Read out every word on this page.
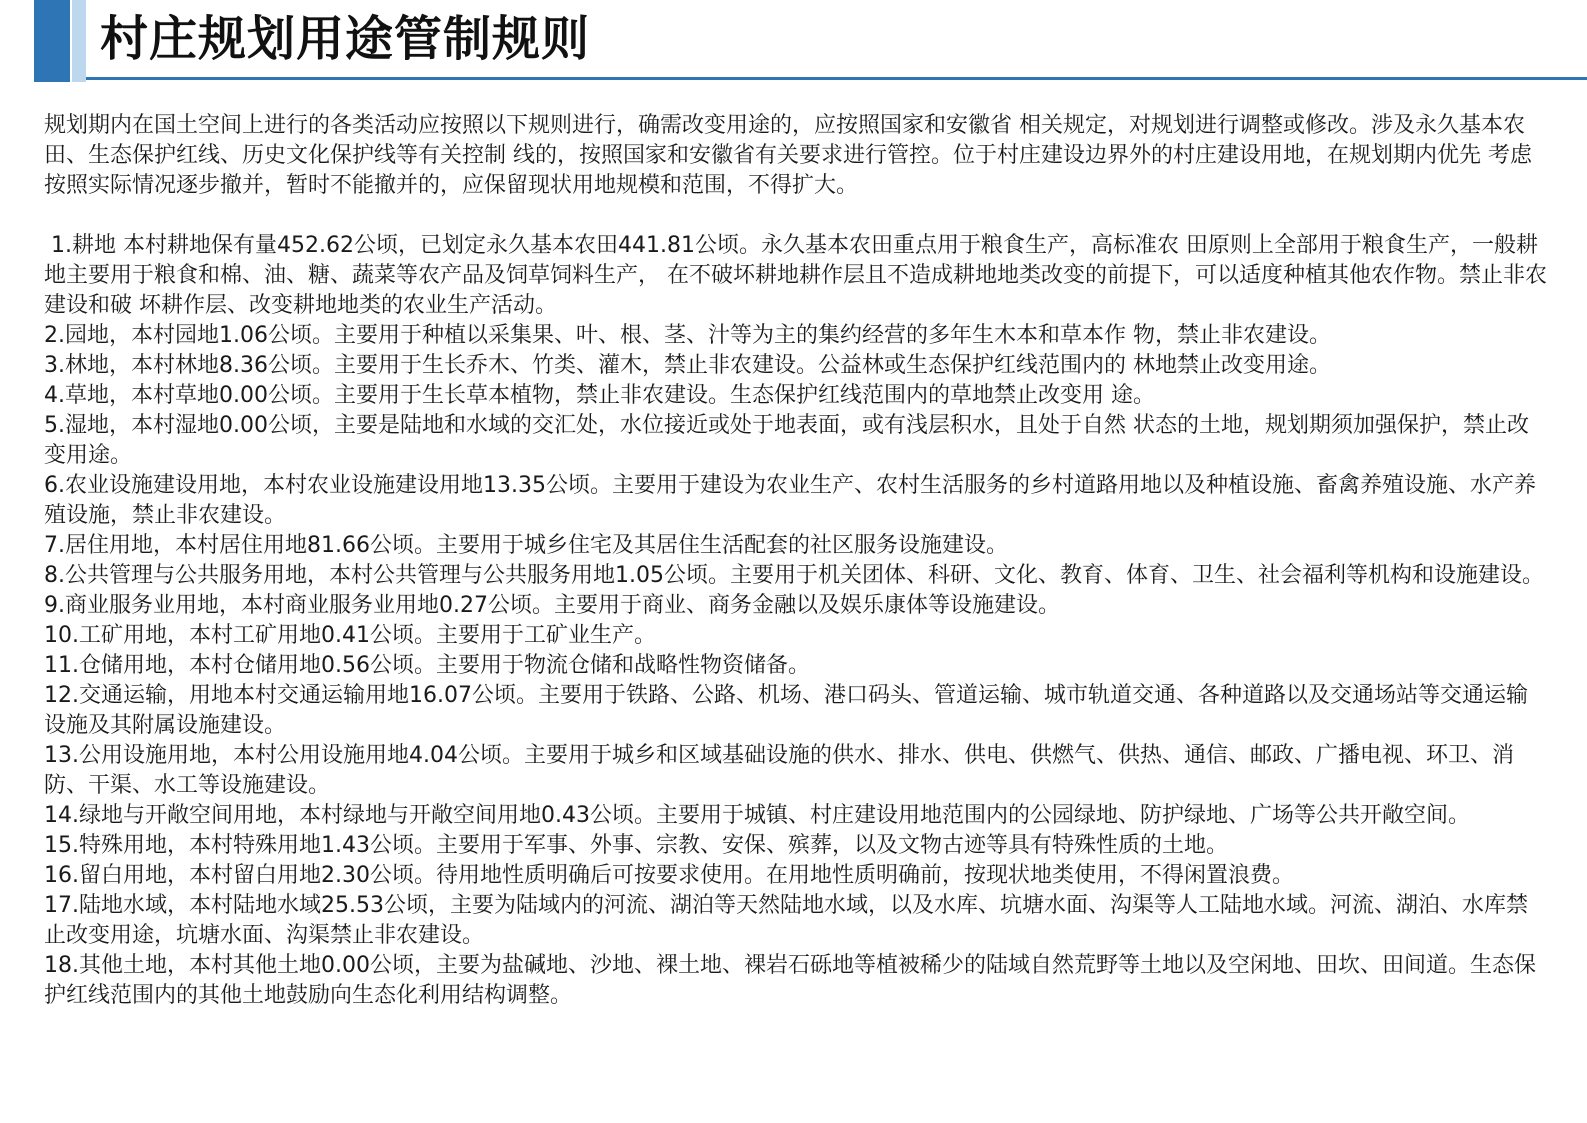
村庄规划用途管制规则

规划期内在国土空间上进行的各类活动应按照以下规则进行，确需改变用途的，应按照国家和安徽省 相关规定，对规划进行调整或修改。涉及永久基本农田、生态保护红线、历史文化保护线等有关控制 线的，按照国家和安徽省有关要求进行管控。位于村庄建设边界外的村庄建设用地，在规划期内优先 考虑按照实际情况逐步撤并，暂时不能撤并的，应保留现状用地规模和范围，不得扩大。

1.耕地 本村耕地保有量452.62公顷，已划定永久基本农田441.81公顷。永久基本农田重点用于粮食生产，高标准农 田原则上全部用于粮食生产，一般耕地主要用于粮食和棉、油、糖、蔬菜等农产品及饲草饲料生产， 在不破坏耕地耕作层且不造成耕地地类改变的前提下，可以适度种植其他农作物。禁止非农建设和破 坏耕作层、改变耕地地类的农业生产活动。

2.园地，本村园地1.06公顷。主要用于种植以采集果、叶、根、茎、汁等为主的集约经营的多年生木本和草本作 物，禁止非农建设。

3.林地，本村林地8.36公顷。主要用于生长乔木、竹类、灌木，禁止非农建设。公益林或生态保护红线范围内的 林地禁止改变用途。

4.草地，本村草地0.00公顷。主要用于生长草本植物，禁止非农建设。生态保护红线范围内的草地禁止改变用 途。

5.湿地，本村湿地0.00公顷，主要是陆地和水域的交汇处，水位接近或处于地表面，或有浅层积水，且处于自然 状态的土地，规划期须加强保护，禁止改变用途。

6.农业设施建设用地，本村农业设施建设用地13.35公顷。主要用于建设为农业生产、农村生活服务的乡村道路用地以及种植设施、畜禽养殖设施、水产养殖设施，禁止非农建设。

7.居住用地，本村居住用地81.66公顷。主要用于城乡住宅及其居住生活配套的社区服务设施建设。

8.公共管理与公共服务用地，本村公共管理与公共服务用地1.05公顷。主要用于机关团体、科研、文化、教育、体育、卫生、社会福利等机构和设施建设。

9.商业服务业用地，本村商业服务业用地0.27公顷。主要用于商业、商务金融以及娱乐康体等设施建设。

10.工矿用地，本村工矿用地0.41公顷。主要用于工矿业生产。

11.仓储用地，本村仓储用地0.56公顷。主要用于物流仓储和战略性物资储备。

12.交通运输，用地本村交通运输用地16.07公顷。主要用于铁路、公路、机场、港口码头、管道运输、城市轨道交通、各种道路以及交通场站等交通运输设施及其附属设施建设。

13.公用设施用地，本村公用设施用地4.04公顷。主要用于城乡和区域基础设施的供水、排水、供电、供燃气、供热、通信、邮政、广播电视、环卫、消防、干渠、水工等设施建设。

14.绿地与开敞空间用地，本村绿地与开敞空间用地0.43公顷。主要用于城镇、村庄建设用地范围内的公园绿地、防护绿地、广场等公共开敞空间。

15.特殊用地，本村特殊用地1.43公顷。主要用于军事、外事、宗教、安保、殡葬，以及文物古迹等具有特殊性质的土地。

16.留白用地，本村留白用地2.30公顷。待用地性质明确后可按要求使用。在用地性质明确前，按现状地类使用，不得闲置浪费。

17.陆地水域，本村陆地水域25.53公顷，主要为陆域内的河流、湖泊等天然陆地水域，以及水库、坑塘水面、沟渠等人工陆地水域。河流、湖泊、水库禁止改变用途，坑塘水面、沟渠禁止非农建设。

18.其他土地，本村其他土地0.00公顷，主要为盐碱地、沙地、裸土地、裸岩石砾地等植被稀少的陆域自然荒野等土地以及空闲地、田坎、田间道。生态保护红线范围内的其他土地鼓励向生态化利用结构调整。
